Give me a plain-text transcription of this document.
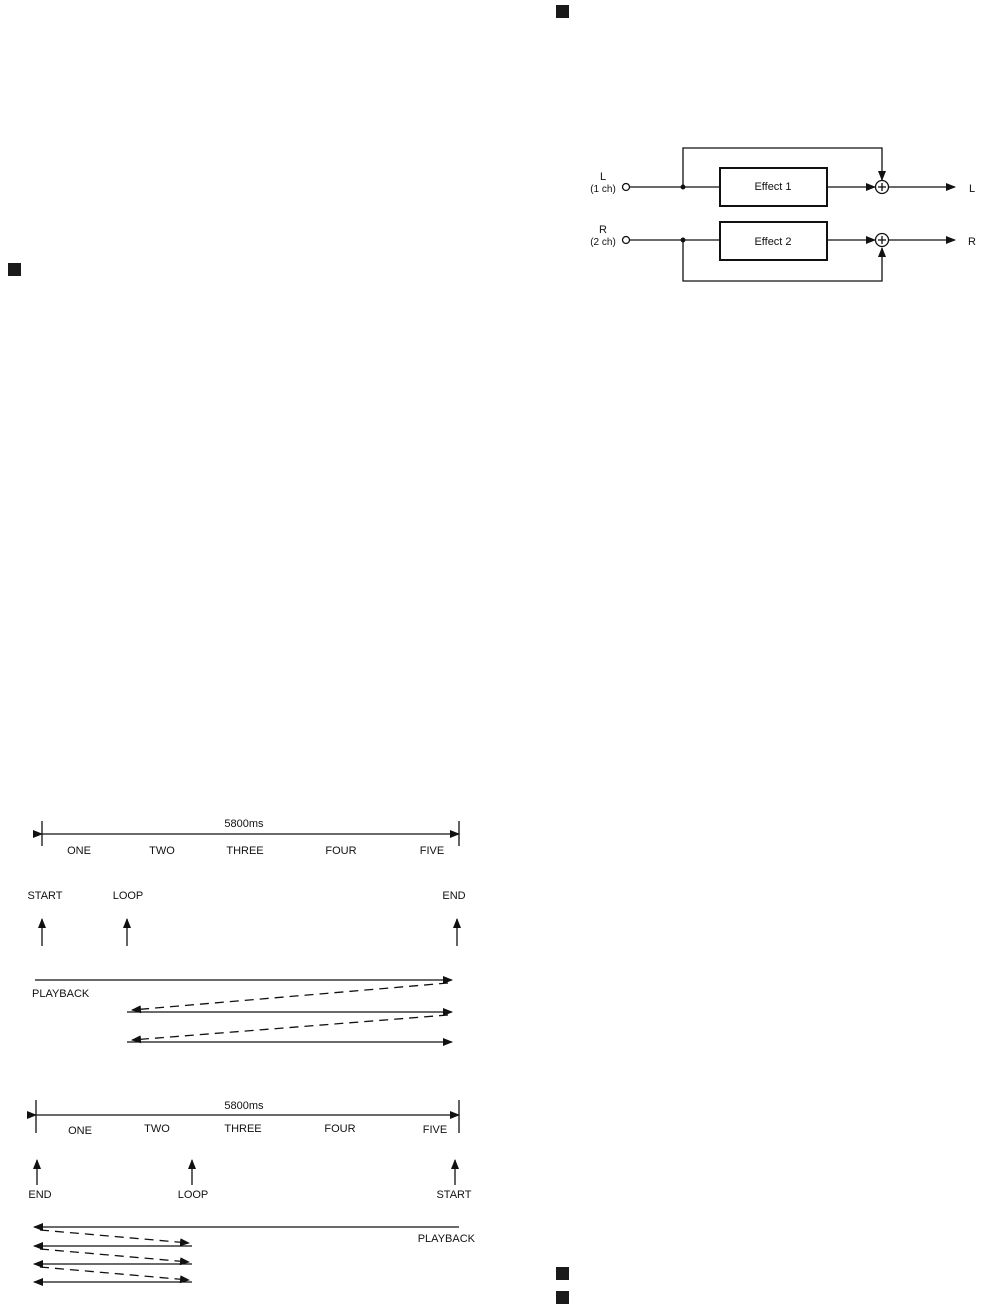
L
(1 ch)	Effect 1	L
R
(2 ch)	Effect 2	R
5800ms
ONE	TWO	THREE	FOUR	FIVE
START	LOOP	END
PLAYBACK
5800ms
ONE	TWO	THREE	FOUR	FIVE
END	LOOP	START
PLAYBACK
